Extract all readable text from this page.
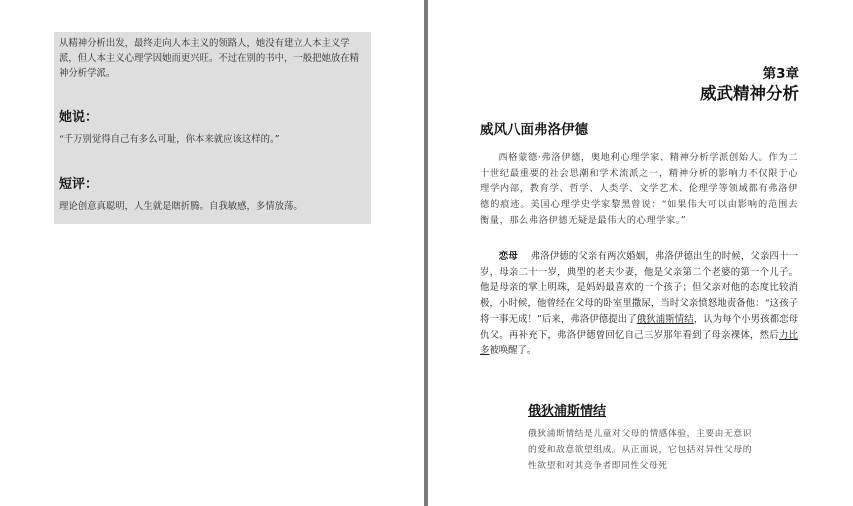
从精神分析出发，最终走向人本主义的领路人，她没有建立人本主义学派，但人本主义心理学因她而更兴旺。不过在别的书中，一般把她放在精神分析学派。

她说：

“千万别觉得自己有多么可耻，你本来就应该这样的。”

短评：

理论创意真聪明，人生就是瞎折腾。自我敏感，多情放荡。

第3章
威武精神分析
威风八面弗洛伊德

西格蒙德·弗洛伊德，奥地利心理学家、精神分析学派创始人。作为二十世纪最重要的社会思潮和学术流派之一，精神分析的影响力不仅限于心理学内部，教育学、哲学、人类学、文学艺术、伦理学等领域都有弗洛伊德的痕迹。美国心理学史学家黎黑曾说：“如果伟大可以由影响的范围去衡量，那么弗洛伊德无疑是最伟大的心理学家。”

恋母 弗洛伊德的父亲有两次婚姻，弗洛伊德出生的时候，父亲四十一岁，母亲二十一岁，典型的老夫少妻，他是父亲第二个老婆的第一个儿子。他是母亲的掌上明珠，是妈妈最喜欢的一个孩子；但父亲对他的态度比较消极，小时候，他曾经在父母的卧室里撒尿，当时父亲愤怒地责备他：“这孩子将一事无成！”后来，弗洛伊德提出了俄狄浦斯情结，认为每个小男孩都恋母仇父。再补充下，弗洛伊德曾回忆自己三岁那年看到了母亲裸体，然后力比多被唤醒了。

俄狄浦斯情结

俄狄浦斯情结是儿童对父母的情感体验，主要由无意识的爱和敌意欲望组成。从正面说，它包括对异性父母的性欲望和对其竞争者即同性父母死
